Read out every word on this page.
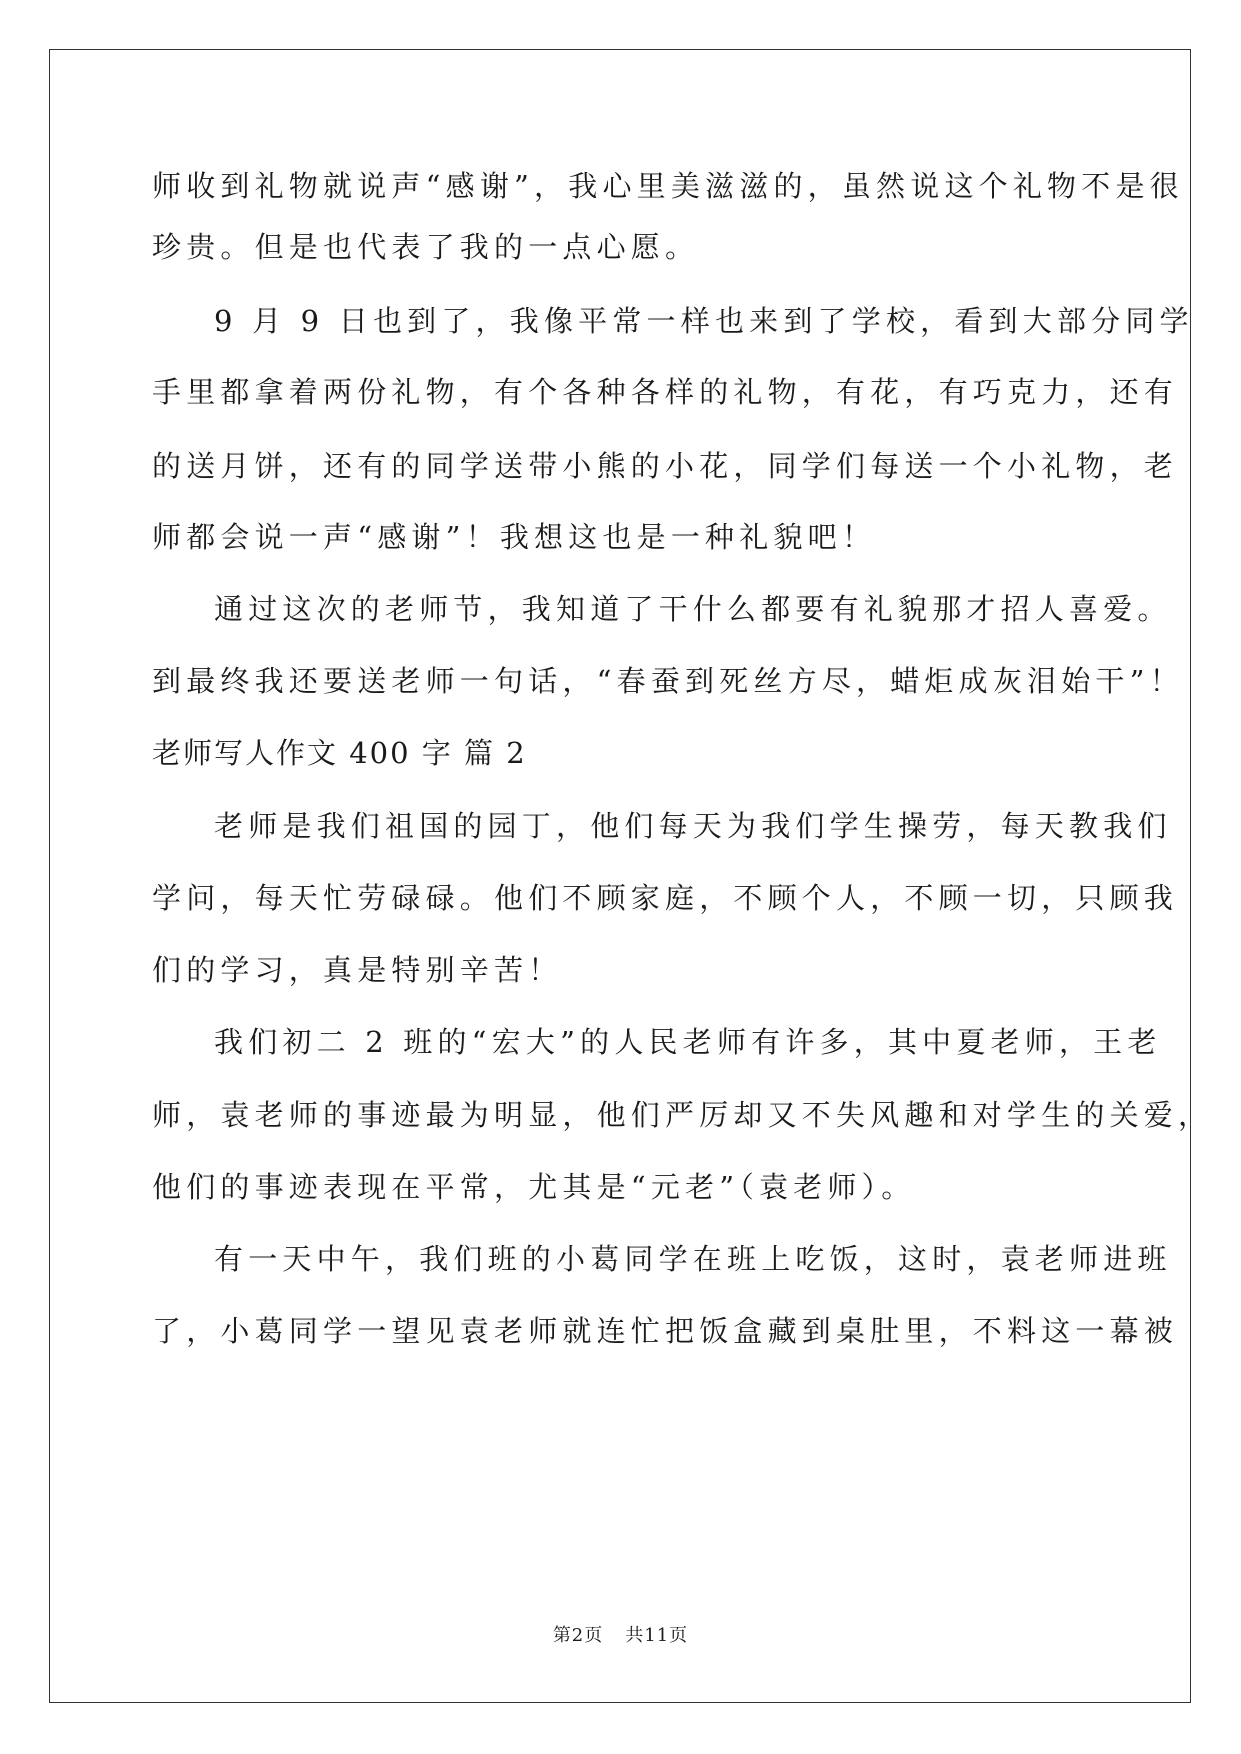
师收到礼物就说声“感谢”，我心里美滋滋的，虽然说这个礼物不是很
珍贵。但是也代表了我的一点心愿。
9 月 9 日也到了，我像平常一样也来到了学校，看到大部分同学
手里都拿着两份礼物，有个各种各样的礼物，有花，有巧克力，还有
的送月饼，还有的同学送带小熊的小花，同学们每送一个小礼物，老
师都会说一声“感谢”！我想这也是一种礼貌吧！
通过这次的老师节，我知道了干什么都要有礼貌那才招人喜爱。
到最终我还要送老师一句话，“春蚕到死丝方尽，蜡炬成灰泪始干”！
老师写人作文 400 字 篇 2
老师是我们祖国的园丁，他们每天为我们学生操劳，每天教我们
学问，每天忙劳碌碌。他们不顾家庭，不顾个人，不顾一切，只顾我
们的学习，真是特别辛苦！
我们初二 2 班的“宏大”的人民老师有许多，其中夏老师，王老
师，袁老师的事迹最为明显，他们严厉却又不失风趣和对学生的关爱，
他们的事迹表现在平常，尤其是“元老”（袁老师）。
有一天中午，我们班的小葛同学在班上吃饭，这时，袁老师进班
了，小葛同学一望见袁老师就连忙把饭盒藏到桌肚里，不料这一幕被
第2页 共11页
